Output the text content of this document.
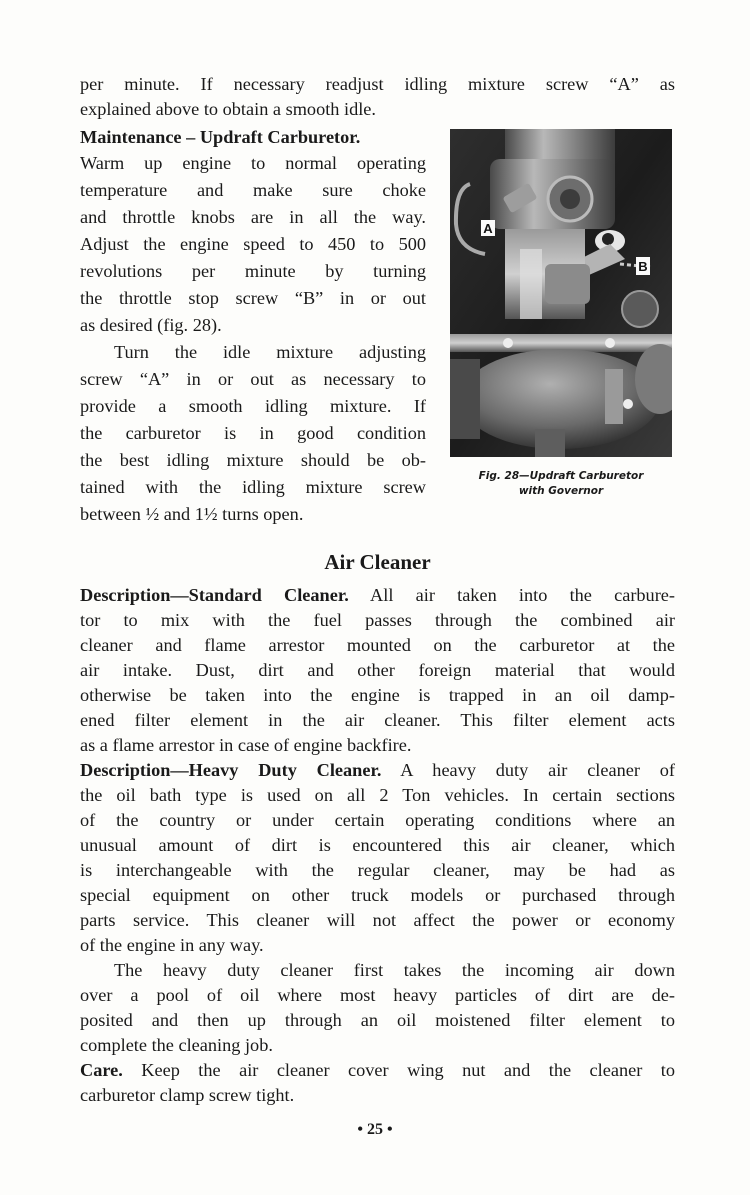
per minute. If necessary readjust idling mixture screw “A” as
explained above to obtain a smooth idle.
Maintenance – Updraft Carburetor.
Warm up engine to normal operating
temperature and make sure choke
and throttle knobs are in all the way.
Adjust the engine speed to 450 to 500
revolutions per minute by turning
the throttle stop screw “B” in or out
as desired (fig. 28).
Turn the idle mixture adjusting
screw “A” in or out as necessary to
provide a smooth idling mixture. If
the carburetor is in good condition
the best idling mixture should be ob-
tained with the idling mixture screw
between ½ and 1½ turns open.
A
B
Fig. 28—Updraft Carburetor
with Governor
Air Cleaner
Description—Standard Cleaner. All air taken into the carbure-
tor to mix with the fuel passes through the combined air
cleaner and flame arrestor mounted on the carburetor at the
air intake. Dust, dirt and other foreign material that would
otherwise be taken into the engine is trapped in an oil damp-
ened filter element in the air cleaner. This filter element acts
as a flame arrestor in case of engine backfire.
Description—Heavy Duty Cleaner. A heavy duty air cleaner of
the oil bath type is used on all 2 Ton vehicles. In certain sections
of the country or under certain operating conditions where an
unusual amount of dirt is encountered this air cleaner, which
is interchangeable with the regular cleaner, may be had as
special equipment on other truck models or purchased through
parts service. This cleaner will not affect the power or economy
of the engine in any way.
The heavy duty cleaner first takes the incoming air down
over a pool of oil where most heavy particles of dirt are de-
posited and then up through an oil moistened filter element to
complete the cleaning job.
Care. Keep the air cleaner cover wing nut and the cleaner to
carburetor clamp screw tight.
• 25 •
